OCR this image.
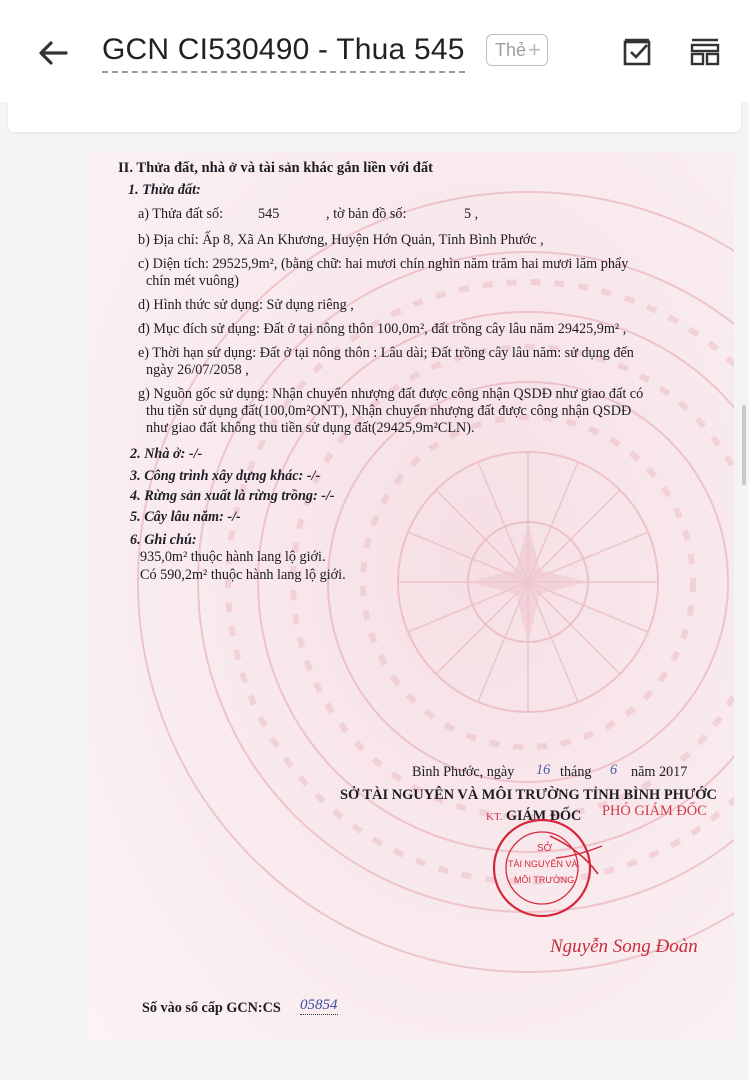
GCN CI530490 - Thua 545 Thẻ +
II. Thửa đất, nhà ở và tài sản khác gắn liền với đất
1. Thửa đất:
a) Thửa đất số: 545	, tờ bản đồ số:	5 ,
b) Địa chỉ: Ấp 8, Xã An Khương, Huyện Hớn Quản, Tỉnh Bình Phước ,
c) Diện tích: 29525,9m², (bằng chữ: hai mươi chín nghìn năm trăm hai mươi lăm phẩy
chín mét vuông)
d) Hình thức sử dụng: Sử dụng riêng ,
đ) Mục đích sử dụng: Đất ở tại nông thôn 100,0m², đất trồng cây lâu năm 29425,9m² ,
e) Thời hạn sử dụng: Đất ở tại nông thôn : Lâu dài; Đất trồng cây lâu năm: sử dụng đến
ngày 26/07/2058 ,
g) Nguồn gốc sử dụng: Nhận chuyển nhượng đất được công nhận QSDĐ như giao đất có
thu tiền sử dụng đất(100,0m²ONT), Nhận chuyển nhượng đất được công nhận QSDĐ
như giao đất không thu tiền sử dụng đất(29425,9m²CLN).
2. Nhà ở: -/-
3. Công trình xây dựng khác: -/-
4. Rừng sản xuất là rừng trồng: -/-
5. Cây lâu năm: -/-
6. Ghi chú:
935,0m² thuộc hành lang lộ giới.
Có 590,2m² thuộc hành lang lộ giới.
Bình Phước, ngày 16 tháng 6 năm 2017
SỞ TÀI NGUYÊN VÀ MÔI TRƯỜNG TỈNH BÌNH PHƯỚC
KT. GIÁM ĐỐC PHÓ GIÁM ĐỐC
SỞ
TÀI NGUYÊN VÀ
MÔI TRƯỜNG
Nguyễn Song Đoàn
Số vào sổ cấp GCN:CS 05854
